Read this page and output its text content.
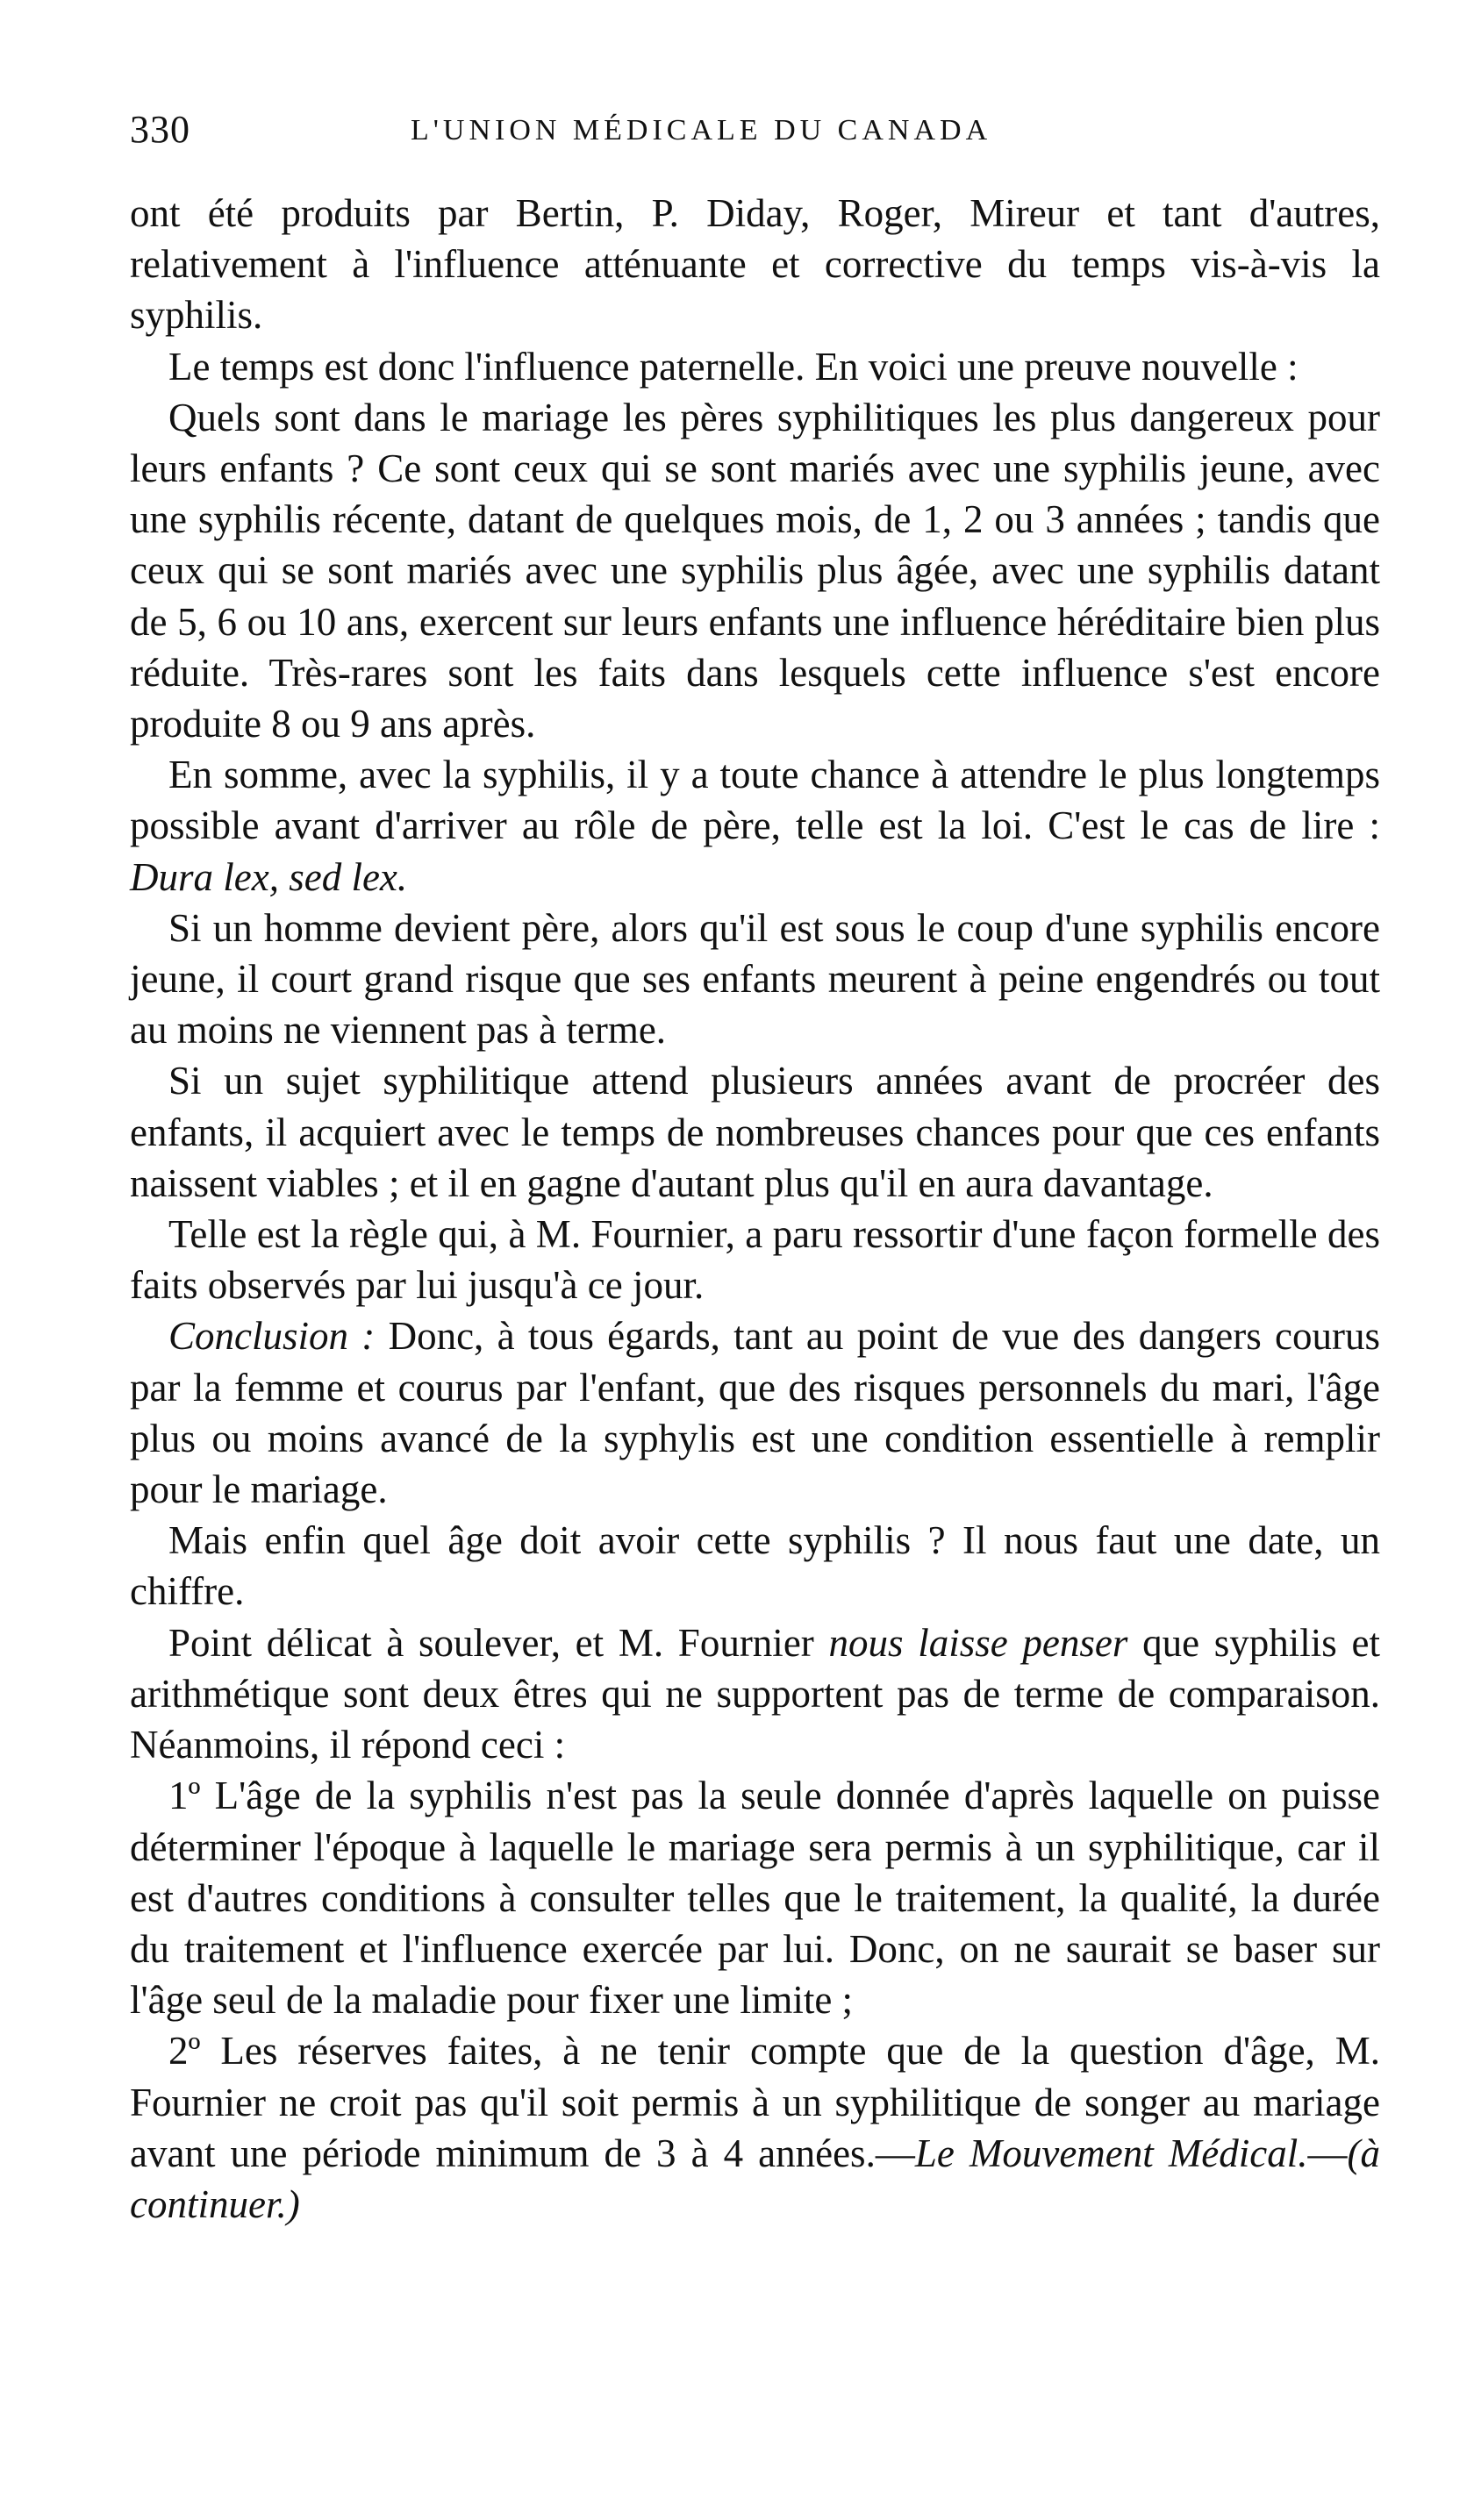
330	L'UNION MÉDICALE DU CANADA

ont été produits par Bertin, P. Diday, Roger, Mireur et tant d'autres, relativement à l'influence atténuante et corrective du temps vis-à-vis la syphilis.

Le temps est donc l'influence paternelle. En voici une preuve nouvelle :

Quels sont dans le mariage les pères syphilitiques les plus dangereux pour leurs enfants ? Ce sont ceux qui se sont mariés avec une syphilis jeune, avec une syphilis récente, datant de quelques mois, de 1, 2 ou 3 années ; tandis que ceux qui se sont mariés avec une syphilis plus âgée, avec une syphilis datant de 5, 6 ou 10 ans, exercent sur leurs enfants une influence héréditaire bien plus réduite. Très-rares sont les faits dans lesquels cette influence s'est encore produite 8 ou 9 ans après.

En somme, avec la syphilis, il y a toute chance à attendre le plus longtemps possible avant d'arriver au rôle de père, telle est la loi. C'est le cas de lire : Dura lex, sed lex.

Si un homme devient père, alors qu'il est sous le coup d'une syphilis encore jeune, il court grand risque que ses enfants meurent à peine engendrés ou tout au moins ne viennent pas à terme.

Si un sujet syphilitique attend plusieurs années avant de procréer des enfants, il acquiert avec le temps de nombreuses chances pour que ces enfants naissent viables ; et il en gagne d'autant plus qu'il en aura davantage.

Telle est la règle qui, à M. Fournier, a paru ressortir d'une façon formelle des faits observés par lui jusqu'à ce jour.

Conclusion : Donc, à tous égards, tant au point de vue des dangers courus par la femme et courus par l'enfant, que des risques personnels du mari, l'âge plus ou moins avancé de la syphylis est une condition essentielle à remplir pour le mariage.

Mais enfin quel âge doit avoir cette syphilis ? Il nous faut une date, un chiffre.

Point délicat à soulever, et M. Fournier nous laisse penser que syphilis et arithmétique sont deux êtres qui ne supportent pas de terme de comparaison. Néanmoins, il répond ceci :

1º L'âge de la syphilis n'est pas la seule donnée d'après laquelle on puisse déterminer l'époque à laquelle le mariage sera permis à un syphilitique, car il est d'autres conditions à consulter telles que le traitement, la qualité, la durée du traitement et l'influence exercée par lui. Donc, on ne saurait se baser sur l'âge seul de la maladie pour fixer une limite ;

2º Les réserves faites, à ne tenir compte que de la question d'âge, M. Fournier ne croit pas qu'il soit permis à un syphilitique de songer au mariage avant une période minimum de 3 à 4 années.—Le Mouvement Médical.—(à continuer.)
